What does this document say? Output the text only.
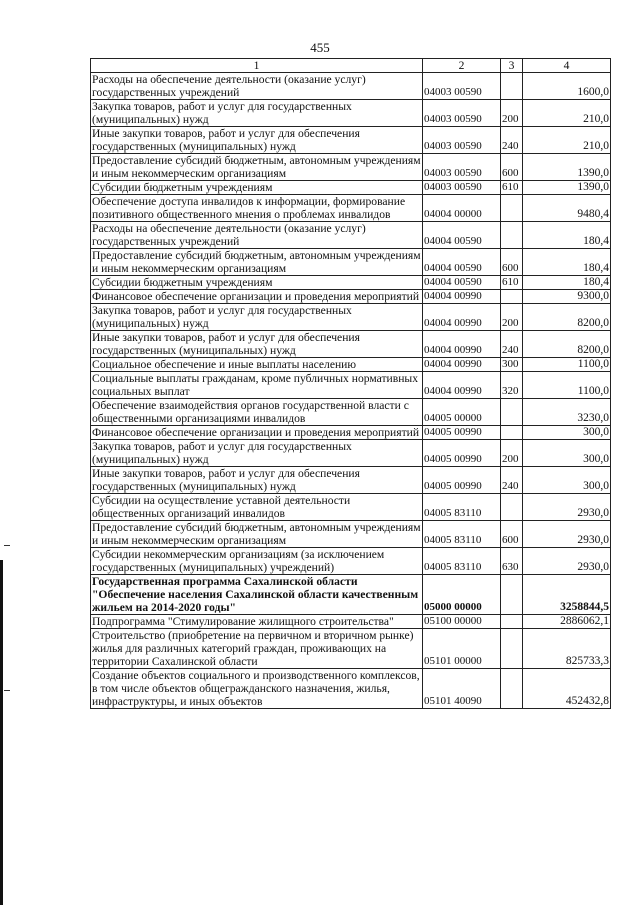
455
1	2	3	4
Расходы на обеспечение деятельности (оказание услуг) государственных учреждений	04003 00590		1600,0
Закупка товаров, работ и услуг для государственных (муниципальных) нужд	04003 00590	200	210,0
Иные закупки товаров, работ и услуг для обеспечения государственных (муниципальных) нужд	04003 00590	240	210,0
Предоставление субсидий бюджетным, автономным учреждениям и иным некоммерческим организациям	04003 00590	600	1390,0
Субсидии бюджетным учреждениям	04003 00590	610	1390,0
Обеспечение доступа инвалидов к информации, формирование позитивного общественного мнения о проблемах инвалидов	04004 00000		9480,4
Расходы на обеспечение деятельности (оказание услуг) государственных учреждений	04004 00590		180,4
Предоставление субсидий бюджетным, автономным учреждениям и иным некоммерческим организациям	04004 00590	600	180,4
Субсидии бюджетным учреждениям	04004 00590	610	180,4
Финансовое обеспечение организации и проведения мероприятий	04004 00990		9300,0
Закупка товаров, работ и услуг для государственных (муниципальных) нужд	04004 00990	200	8200,0
Иные закупки товаров, работ и услуг для обеспечения государственных (муниципальных) нужд	04004 00990	240	8200,0
Социальное обеспечение и иные выплаты населению	04004 00990	300	1100,0
Социальные выплаты гражданам, кроме публичных нормативных социальных выплат	04004 00990	320	1100,0
Обеспечение взаимодействия органов государственной власти с общественными организациями инвалидов	04005 00000		3230,0
Финансовое обеспечение организации и проведения мероприятий	04005 00990		300,0
Закупка товаров, работ и услуг для государственных (муниципальных) нужд	04005 00990	200	300,0
Иные закупки товаров, работ и услуг для обеспечения государственных (муниципальных) нужд	04005 00990	240	300,0
Субсидии на осуществление уставной деятельности общественных организаций инвалидов	04005 83110		2930,0
Предоставление субсидий бюджетным, автономным учреждениям и иным некоммерческим организациям	04005 83110	600	2930,0
Субсидии некоммерческим организациям (за исключением государственных (муниципальных) учреждений)	04005 83110	630	2930,0
Государственная программа Сахалинской области "Обеспечение населения Сахалинской области качественным жильем на 2014-2020 годы"	05000 00000		3258844,5
Подпрограмма "Стимулирование жилищного строительства"	05100 00000		2886062,1
Строительство (приобретение на первичном и вторичном рынке) жилья для различных категорий граждан, проживающих на территории Сахалинской области	05101 00000		825733,3
Создание объектов социального и производственного комплексов, в том числе объектов общегражданского назначения, жилья, инфраструктуры, и иных объектов	05101 40090		452432,8
